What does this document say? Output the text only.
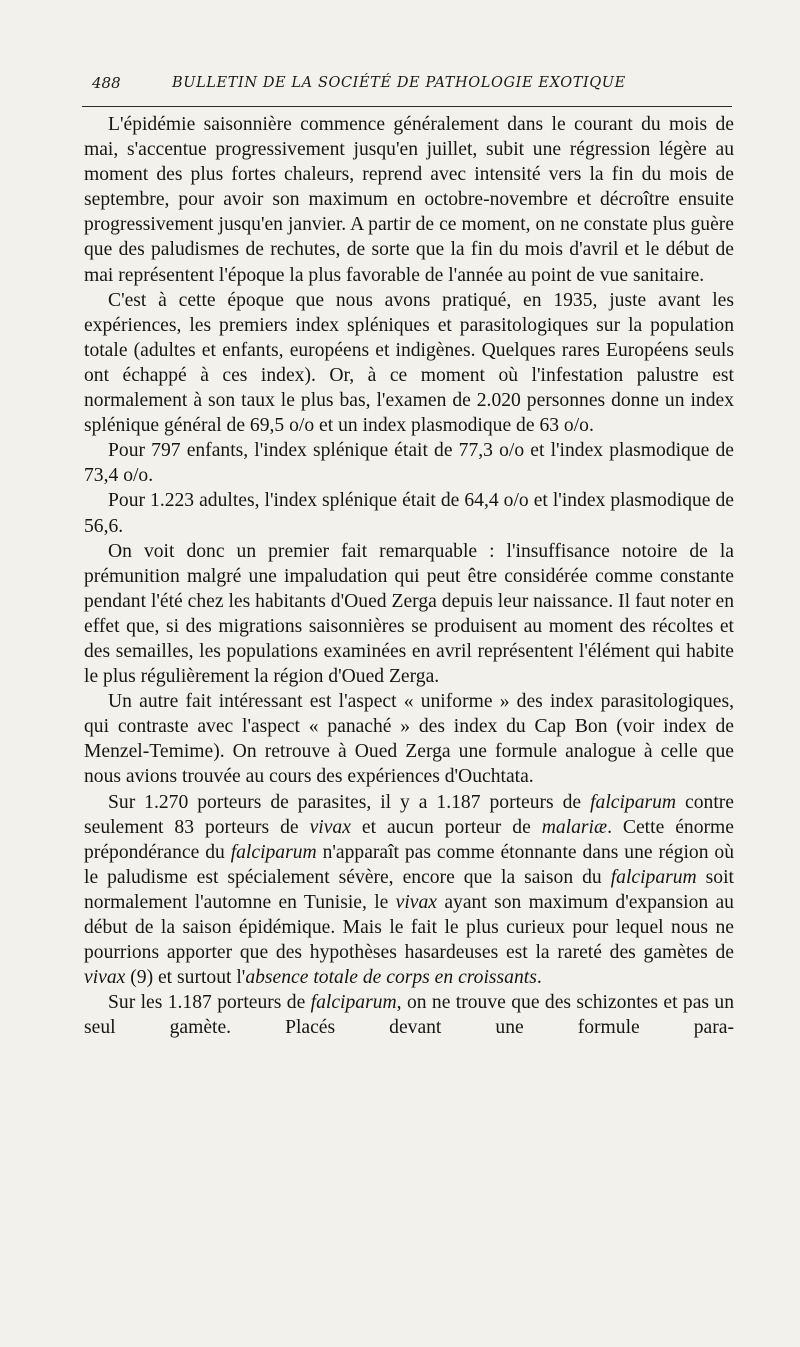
488	BULLETIN DE LA SOCIÉTÉ DE PATHOLOGIE EXOTIQUE

L'épidémie saisonnière commence généralement dans le courant du mois de mai, s'accentue progressivement jusqu'en juillet, subit une régression légère au moment des plus fortes chaleurs, reprend avec intensité vers la fin du mois de septembre, pour avoir son maximum en octobre-novembre et décroître ensuite progressivement jusqu'en janvier. A partir de ce moment, on ne constate plus guère que des paludismes de rechutes, de sorte que la fin du mois d'avril et le début de mai représentent l'époque la plus favorable de l'année au point de vue sanitaire.

C'est à cette époque que nous avons pratiqué, en 1935, juste avant les expériences, les premiers index spléniques et parasitologiques sur la population totale (adultes et enfants, européens et indigènes. Quelques rares Européens seuls ont échappé à ces index). Or, à ce moment où l'infestation palustre est normalement à son taux le plus bas, l'examen de 2.020 personnes donne un index splénique général de 69,5 o/o et un index plasmodique de 63 o/o.

Pour 797 enfants, l'index splénique était de 77,3 o/o et l'index plasmodique de 73,4 o/o.

Pour 1.223 adultes, l'index splénique était de 64,4 o/o et l'index plasmodique de 56,6.

On voit donc un premier fait remarquable : l'insuffisance notoire de la prémunition malgré une impaludation qui peut être considérée comme constante pendant l'été chez les habitants d'Oued Zerga depuis leur naissance. Il faut noter en effet que, si des migrations saisonnières se produisent au moment des récoltes et des semailles, les populations examinées en avril représentent l'élément qui habite le plus régulièrement la région d'Oued Zerga.

Un autre fait intéressant est l'aspect « uniforme » des index parasitologiques, qui contraste avec l'aspect « panaché » des index du Cap Bon (voir index de Menzel-Temime). On retrouve à Oued Zerga une formule analogue à celle que nous avions trouvée au cours des expériences d'Ouchtata.

Sur 1.270 porteurs de parasites, il y a 1.187 porteurs de falciparum contre seulement 83 porteurs de vivax et aucun porteur de malariæ. Cette énorme prépondérance du falciparum n'apparaît pas comme étonnante dans une région où le paludisme est spécialement sévère, encore que la saison du falciparum soit normalement l'automne en Tunisie, le vivax ayant son maximum d'expansion au début de la saison épidémique. Mais le fait le plus curieux pour lequel nous ne pourrions apporter que des hypothèses hasardeuses est la rareté des gamètes de vivax (9) et surtout l'absence totale de corps en croissants.

Sur les 1.187 porteurs de falciparum, on ne trouve que des schizontes et pas un seul gamète. Placés devant une formule para-
